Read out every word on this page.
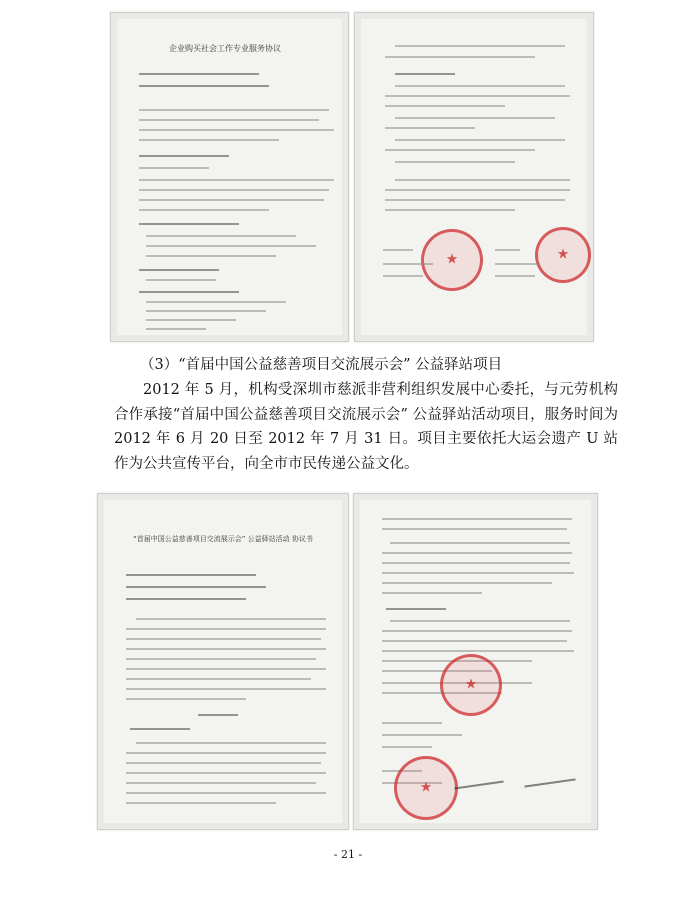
企业购买社会工作专业服务协议
★
★
（3）“首届中国公益慈善项目交流展示会” 公益驿站项目
2012 年 5 月，机构受深圳市慈派非营利组织发展中心委托，与元劳机构合作承接“首届中国公益慈善项目交流展示会” 公益驿站活动项目，服务时间为 2012 年 6 月 20 日至 2012 年 7 月 31 日。项目主要依托大运会遗产 U 站作为公共宣传平台，向全市市民传递公益文化。
“首届中国公益慈善项目交流展示会” 公益驿站活动 协议书
★
★
- 21 -
